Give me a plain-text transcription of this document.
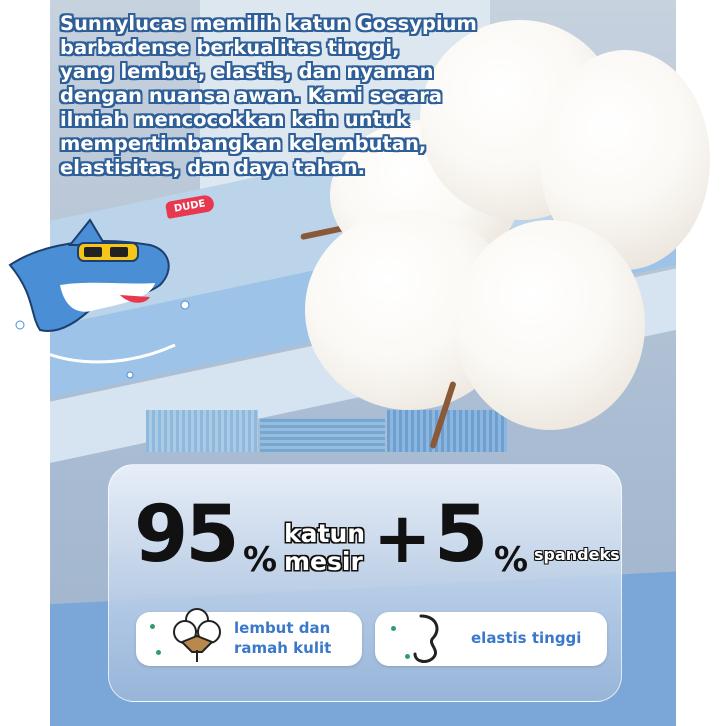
Sunnylucas memilih katun Gossypium
barbadense berkualitas tinggi,
yang lembut, elastis, dan nyaman
dengan nuansa awan. Kami secara
ilmiah mencocokkan kain untuk
mempertimbangkan kelembutan,
elastisitas, dan daya tahan.

DUDE
95 %

katun
mesir + 5 % spandeks
lembut dan
ramah kulit
elastis tinggi
